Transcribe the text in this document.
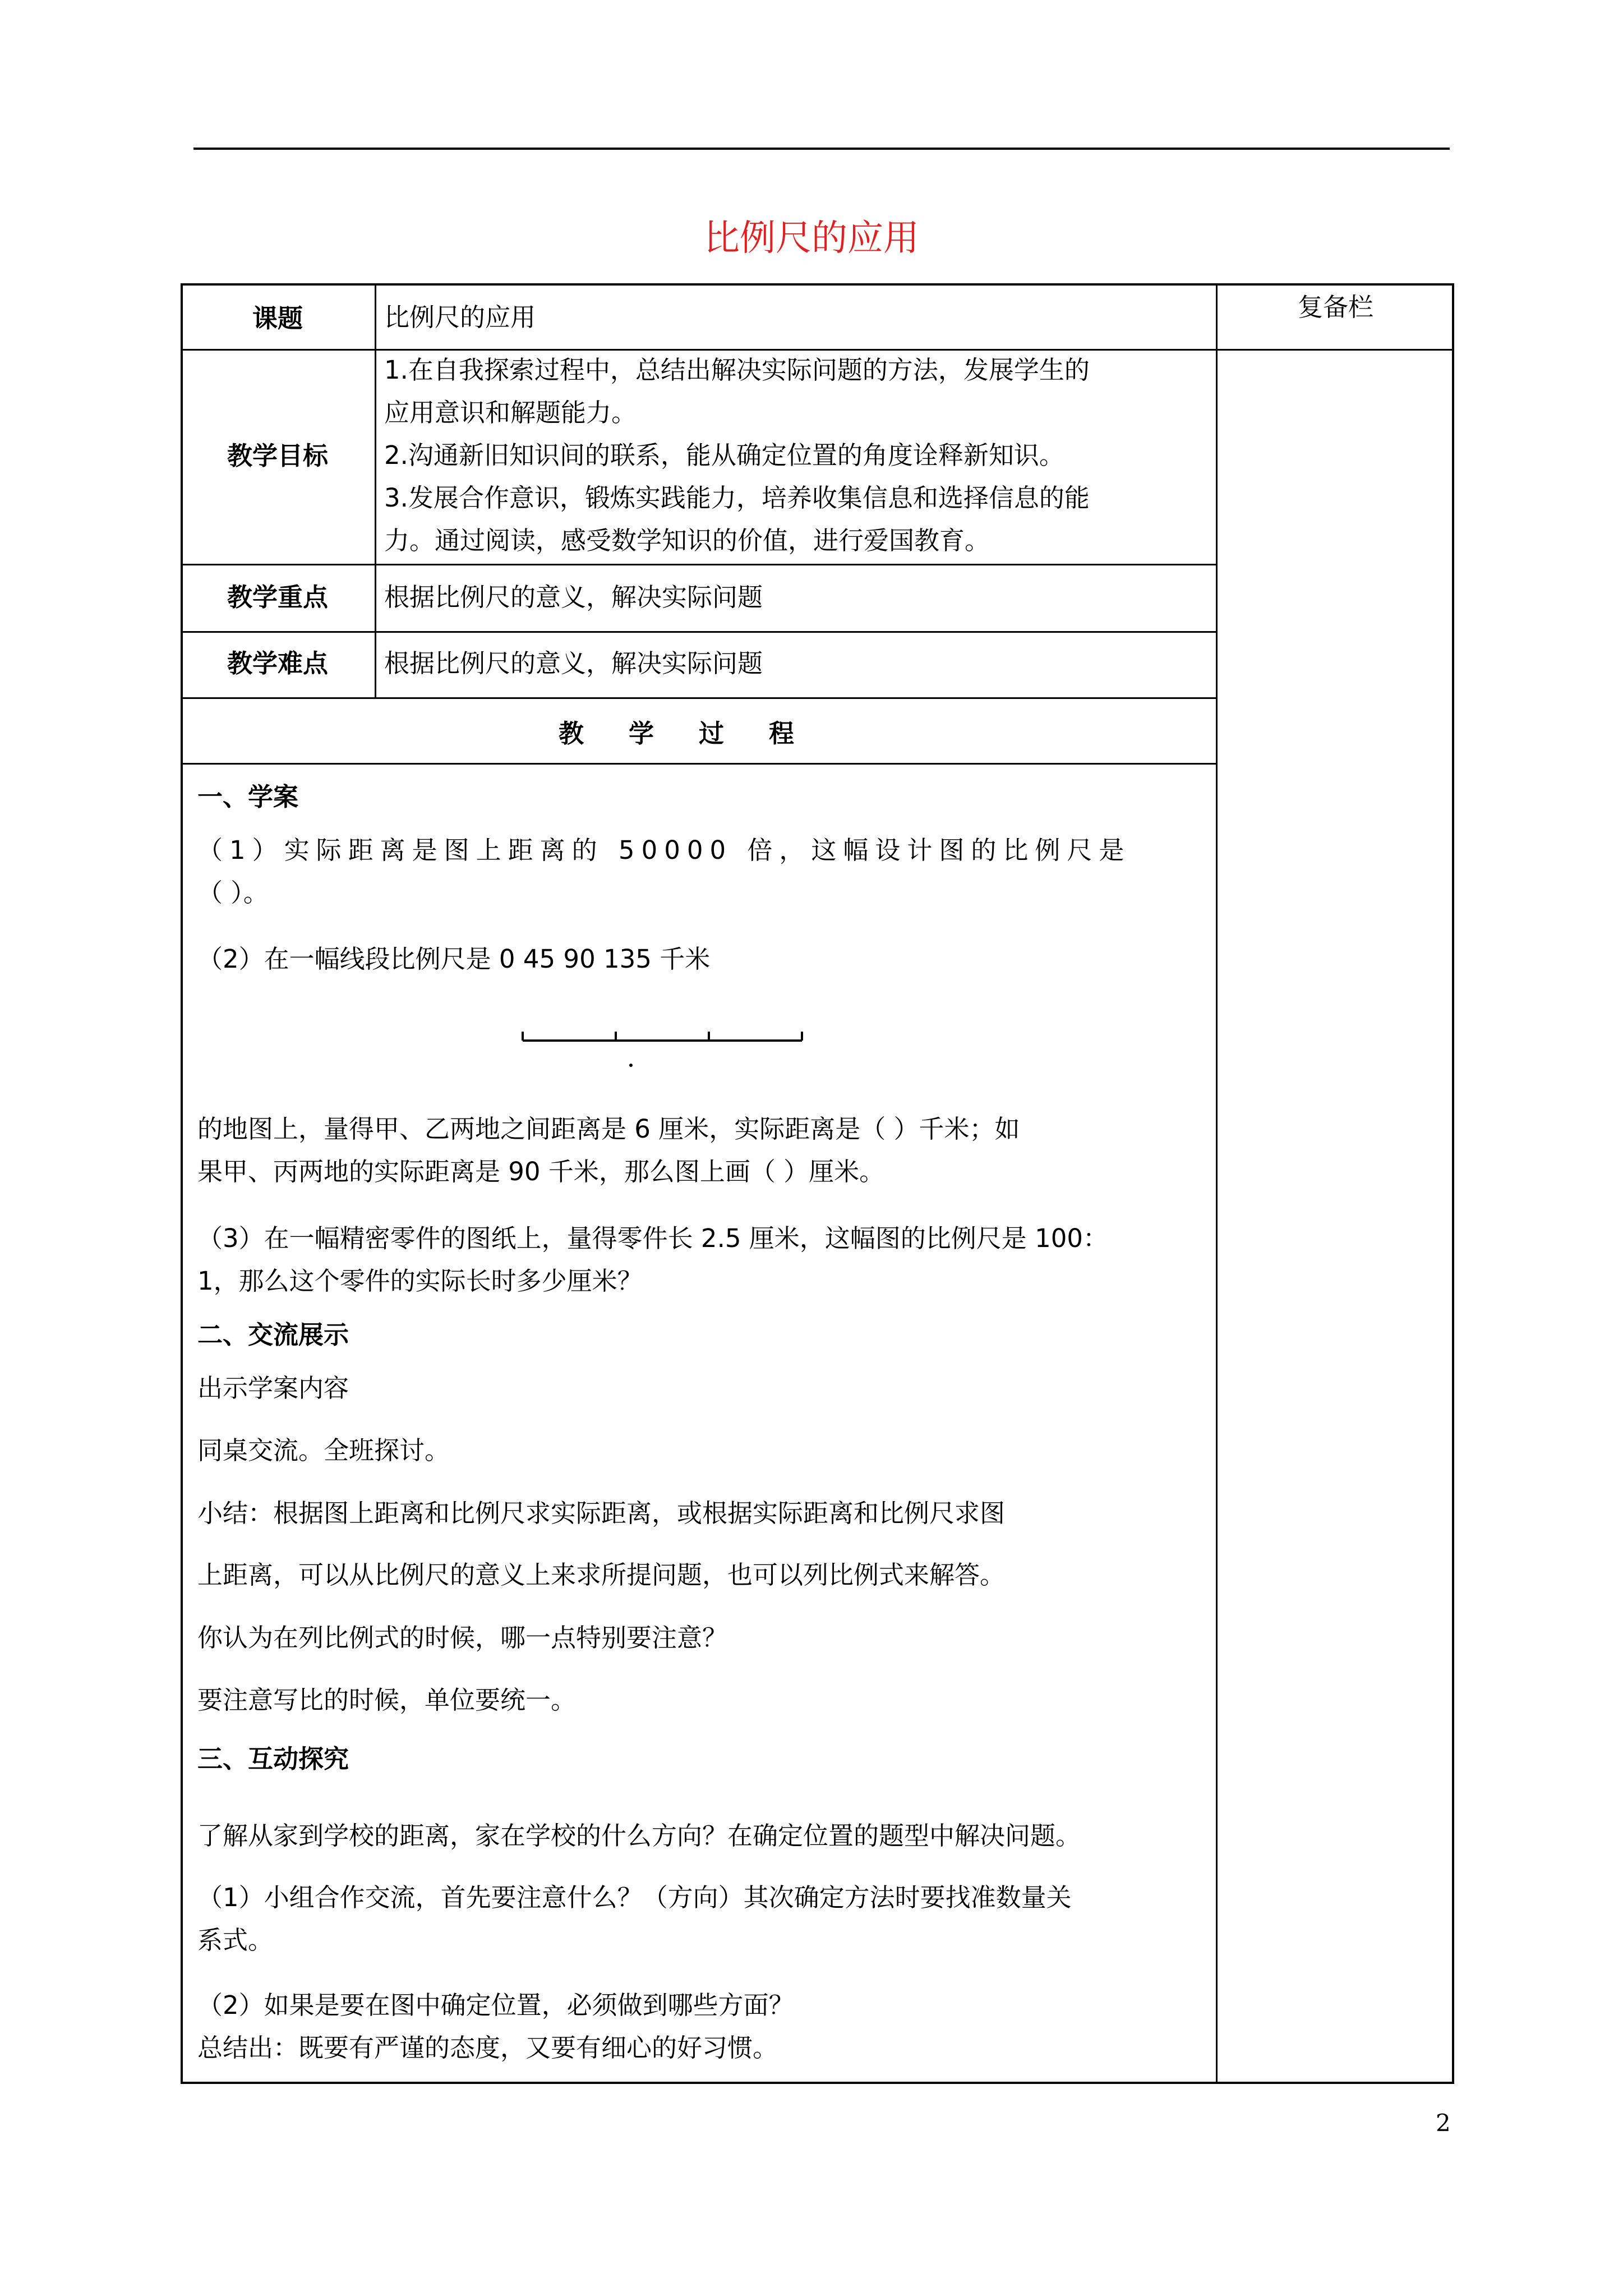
比例尺的应用
课题	比例尺的应用	复备栏
教学目标
1.在自我探索过程中，总结出解决实际问题的方法，发展学生的
应用意识和解题能力。
2.沟通新旧知识间的联系，能从确定位置的角度诠释新知识。
3.发展合作意识，锻炼实践能力，培养收集信息和选择信息的能
力。通过阅读，感受数学知识的价值，进行爱国教育。
教学重点	根据比例尺的意义，解决实际问题
教学难点	根据比例尺的意义，解决实际问题
教学过程
一、学案
（1）实际距离是图上距离的 50000 倍，这幅设计图的比例尺是
（ ）。
（2）在一幅线段比例尺是 0 45 90 135 千米
的地图上，量得甲、乙两地之间距离是 6 厘米，实际距离是（ ）千米；如
果甲、丙两地的实际距离是 90 千米，那么图上画（ ）厘米。
（3）在一幅精密零件的图纸上，量得零件长 2.5 厘米，这幅图的比例尺是 100：
1，那么这个零件的实际长时多少厘米？
二、交流展示
出示学案内容
同桌交流。全班探讨。
小结：根据图上距离和比例尺求实际距离，或根据实际距离和比例尺求图
上距离，可以从比例尺的意义上来求所提问题，也可以列比例式来解答。
你认为在列比例式的时候，哪一点特别要注意？
要注意写比的时候，单位要统一。
三、互动探究
了解从家到学校的距离，家在学校的什么方向？在确定位置的题型中解决问题。
（1）小组合作交流，首先要注意什么？（方向）其次确定方法时要找准数量关
系式。
（2）如果是要在图中确定位置，必须做到哪些方面？
总结出：既要有严谨的态度，又要有细心的好习惯。
2
